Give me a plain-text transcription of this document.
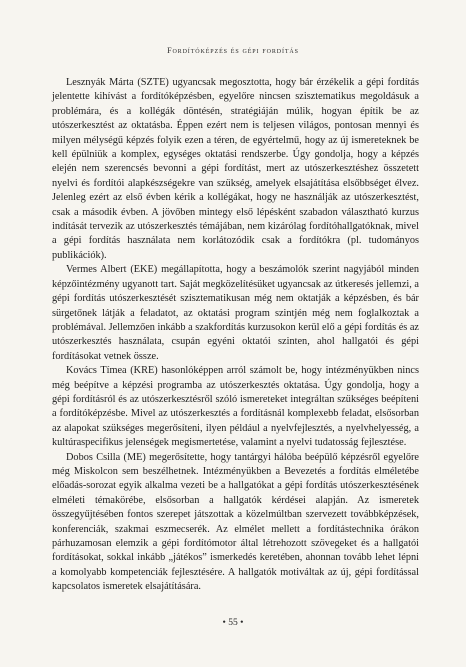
Fordítóképzés és gépi fordítás

Lesznyák Márta (SZTE) ugyancsak megosztotta, hogy bár érzékelik a gépi fordítás jelentette kihívást a fordítóképzésben, egyelőre nincsen szisztematikus megoldásuk a problémára, és a kollégák döntésén, stratégiáján múlik, hogyan építik be az utószerkesztést az oktatásba. Éppen ezért nem is teljesen világos, pontosan mennyi és milyen mélységű képzés folyik ezen a téren, de egyértelmű, hogy az új ismereteknek be kell épülniük a komplex, egységes oktatási rendszerbe. Úgy gondolja, hogy a képzés elején nem szerencsés bevonni a gépi fordítást, mert az utószerkesztéshez összetett nyelvi és fordítói alapkészségekre van szükség, amelyek elsajátítása elsőbbséget élvez. Jelenleg ezért az első évben kérik a kollégákat, hogy ne használják az utószerkesztést, csak a második évben. A jövőben mintegy első lépésként szabadon választható kurzus indítását tervezik az utószerkesztés témájában, nem kizárólag fordítóhallgatóknak, mivel a gépi fordítás használata nem korlátozódik csak a fordítókra (pl. tudományos publikációk).

Vermes Albert (EKE) megállapította, hogy a beszámolók szerint nagyjából minden képzőintézmény ugyanott tart. Saját megközelítésüket ugyancsak az útkeresés jellemzi, a gépi fordítás utószerkesztését szisztematikusan még nem oktatják a képzésben, és bár sürgetőnek látják a feladatot, az oktatási program szintjén még nem foglalkoztak a problémával. Jellemzően inkább a szakfordítás kurzusokon kerül elő a gépi fordítás és az utószerkesztés használata, csupán egyéni oktatói szinten, ahol hallgatói és gépi fordításokat vetnek össze.

Kovács Tímea (KRE) hasonlóképpen arról számolt be, hogy intézményükben nincs még beépítve a képzési programba az utószerkesztés oktatása. Úgy gondolja, hogy a gépi fordításról és az utószerkesztésről szóló ismereteket integráltan szükséges beépíteni a fordítóképzésbe. Mivel az utószerkesztés a fordításnál komplexebb feladat, elsősorban az alapokat szükséges megerősíteni, ilyen például a nyelvfejlesztés, a nyelvhelyesség, a kultúraspecifikus jelenségek megismertetése, valamint a nyelvi tudatosság fejlesztése.

Dobos Csilla (ME) megerősítette, hogy tantárgyi hálóba beépülő képzésről egyelőre még Miskolcon sem beszélhetnek. Intézményükben a Bevezetés a fordítás elméletébe előadás-sorozat egyik alkalma vezeti be a hallgatókat a gépi fordítás utószerkesztésének elméleti témakörébe, elsősorban a hallgatók kérdései alapján. Az ismeretek összegyűjtésében fontos szerepet játszottak a közelmúltban szervezett továbbképzések, konferenciák, szakmai eszmecserék. Az elmélet mellett a fordítástechnika órákon párhuzamosan elemzik a gépi fordítómotor által létrehozott szövegeket és a hallgatói fordításokat, sokkal inkább „játékos” ismerkedés keretében, ahonnan tovább lehet lépni a komolyabb kompetenciák fejlesztésére. A hallgatók motiváltak az új, gépi fordítással kapcsolatos ismeretek elsajátítására.

• 55 •
